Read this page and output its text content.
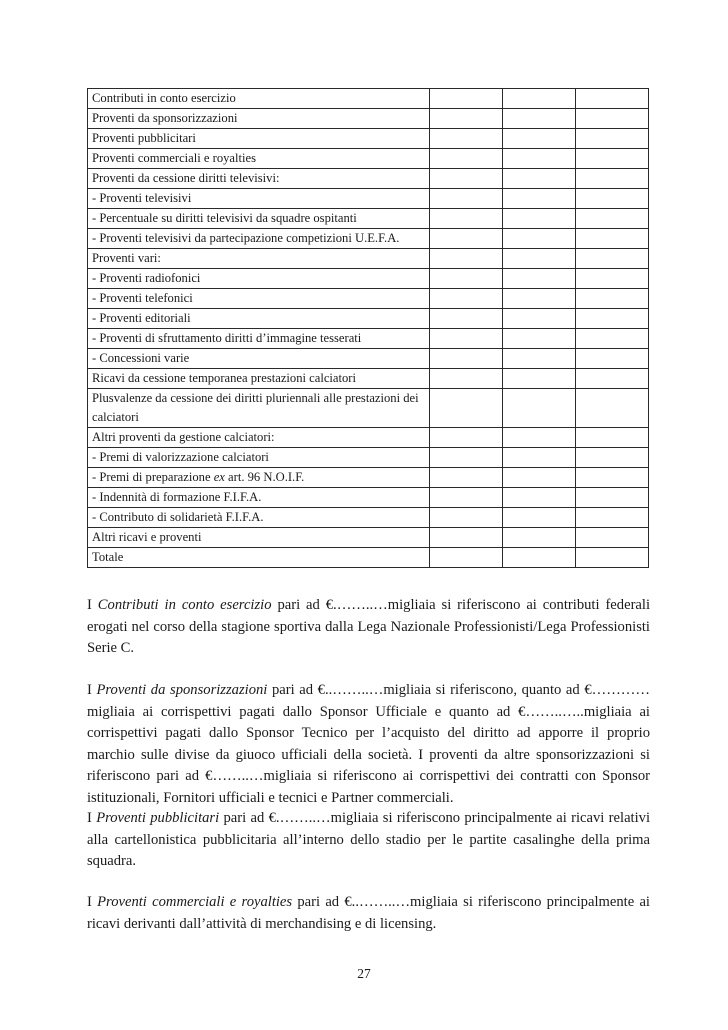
Contributi in conto esercizio			
Proventi da sponsorizzazioni			
Proventi pubblicitari			
Proventi commerciali e royalties			
Proventi da cessione diritti televisivi:			
- Proventi televisivi			
- Percentuale su diritti televisivi da squadre ospitanti			
- Proventi televisivi da partecipazione competizioni U.E.F.A.			
Proventi vari:			
- Proventi radiofonici			
- Proventi telefonici			
- Proventi editoriali			
- Proventi di sfruttamento diritti d’immagine tesserati			
- Concessioni varie			
Ricavi da cessione temporanea prestazioni calciatori			
Plusvalenze da cessione dei diritti pluriennali alle prestazioni dei calciatori			
Altri proventi da gestione calciatori:			
- Premi di valorizzazione calciatori			
- Premi di preparazione ex art. 96 N.O.I.F.			
- Indennità di formazione F.I.F.A.			
- Contributo di solidarietà F.I.F.A.			
Altri ricavi e proventi			
Totale			

I Contributi in conto esercizio pari ad €.……..…migliaia si riferiscono ai contributi federali erogati nel corso della stagione sportiva dalla Lega Nazionale Professionisti/Lega Professionisti Serie C.

I Proventi da sponsorizzazioni pari ad €..……..…migliaia si riferiscono, quanto ad €…………migliaia ai corrispettivi pagati dallo Sponsor Ufficiale e quanto ad €……..…..migliaia ai corrispettivi pagati dallo Sponsor Tecnico per l’acquisto del diritto ad apporre il proprio marchio sulle divise da giuoco ufficiali della società. I proventi da altre sponsorizzazioni si riferiscono pari ad €……..…migliaia si riferiscono ai corrispettivi dei contratti con Sponsor istituzionali, Fornitori ufficiali e tecnici e Partner commerciali.

I Proventi pubblicitari pari ad €.……..…migliaia si riferiscono principalmente ai ricavi relativi alla cartellonistica pubblicitaria all’interno dello stadio per le partite casalinghe della prima squadra.

I Proventi commerciali e royalties pari ad €..……..…migliaia si riferiscono principalmente ai ricavi derivanti dall’attività di merchandising e di licensing.

27
